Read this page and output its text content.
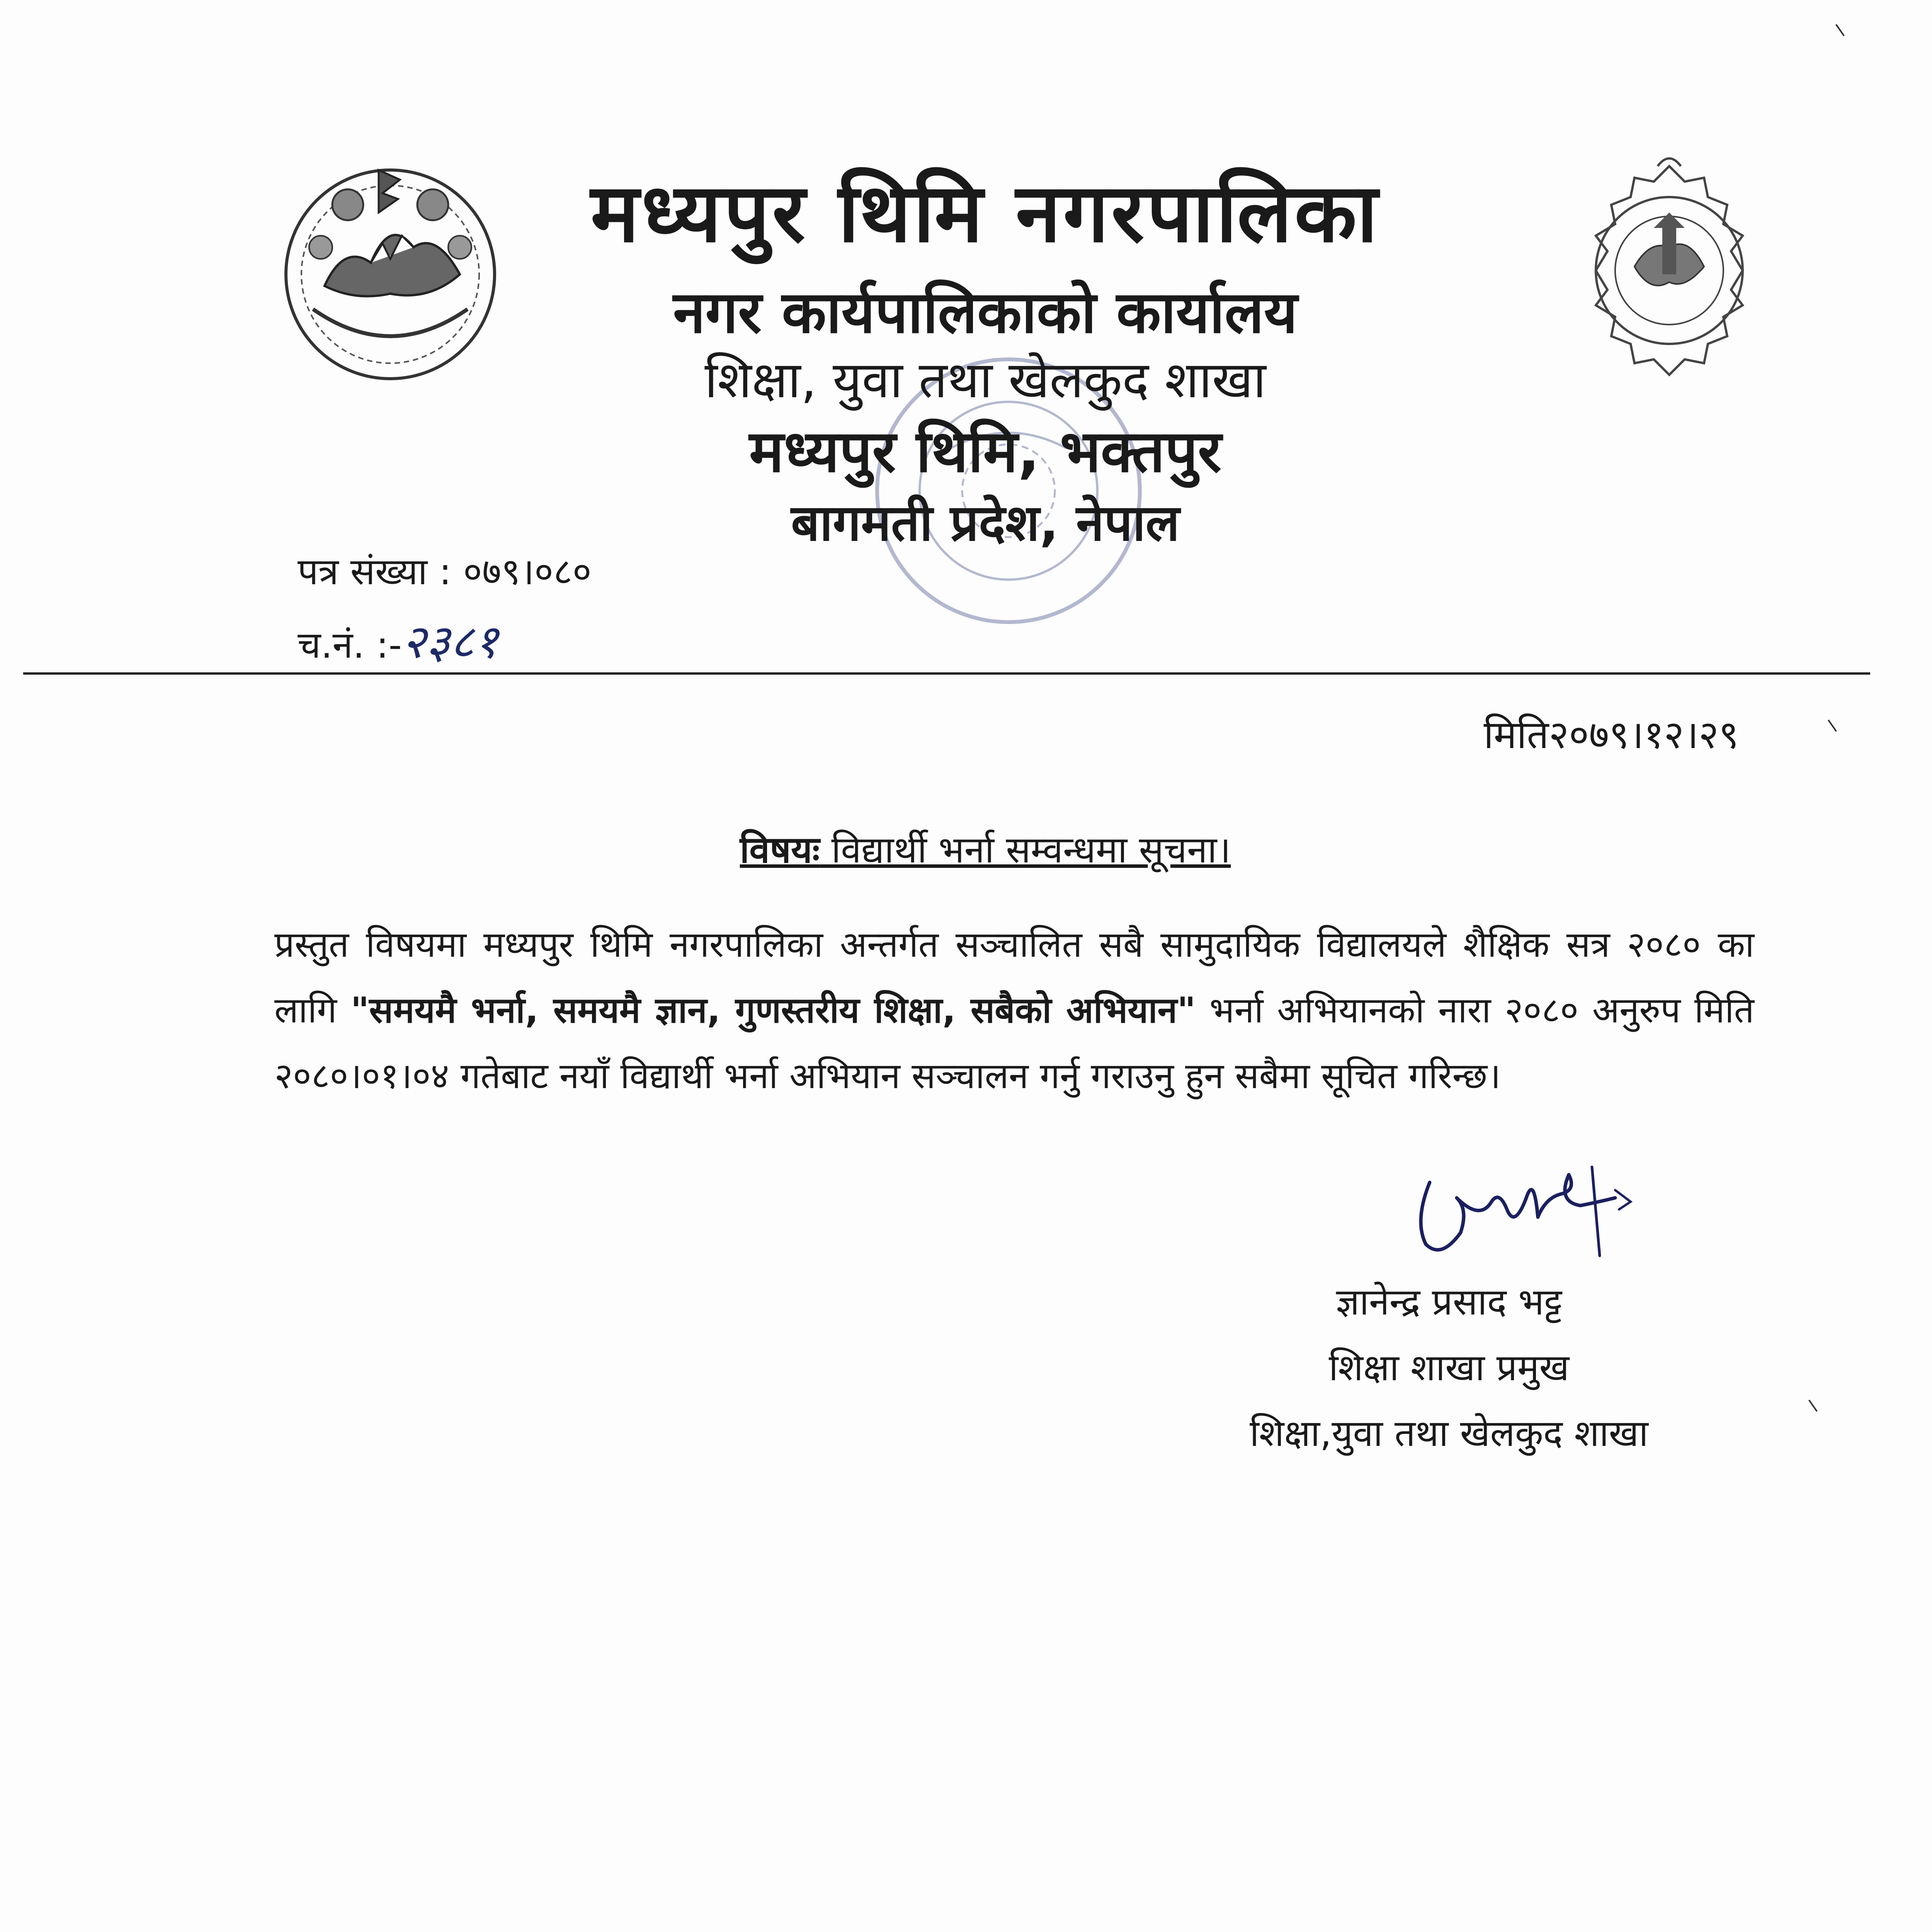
मध्यपुर थिमि नगरपालिका
नगर कार्यपालिकाको कार्यालय
शिक्षा, युवा तथा खेलकुद शाखा
मध्यपुर थिमि, भक्तपुर
बागमती प्रदेश, नेपाल
पत्र संख्या : ०७९।०८०
च.नं. :-२३८१
मिति२०७९।१२।२९
विषयः विद्यार्थी भर्ना सम्वन्धमा सूचना।
प्रस्तुत विषयमा मध्यपुर थिमि नगरपालिका अन्तर्गत सञ्चालित सबै सामुदायिक विद्यालयले शैक्षिक सत्र २०८० का लागि "समयमै भर्ना, समयमै ज्ञान, गुणस्तरीय शिक्षा, सबैको अभियान" भर्ना अभियानको नारा २०८० अनुरुप मिति २०८०।०१।०४ गतेबाट नयाँ विद्यार्थी भर्ना अभियान सञ्चालन गर्नु गराउनु हुन सबैमा सूचित गरिन्छ।
ज्ञानेन्द्र प्रसाद भट्ट
शिक्षा शाखा प्रमुख
शिक्षा,युवा तथा खेलकुद शाखा
